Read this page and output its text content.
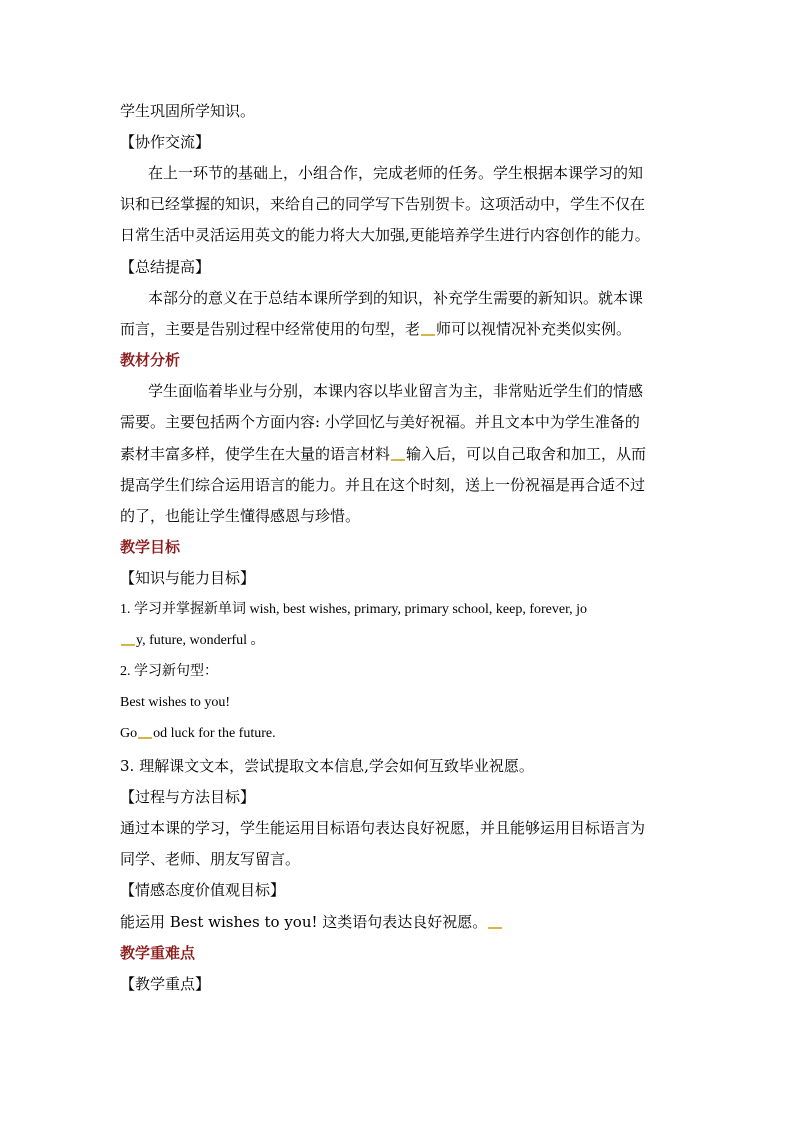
学生巩固所学知识。
【协作交流】
在上一环节的基础上，小组合作，完成老师的任务。学生根据本课学习的知
识和已经掌握的知识，来给自己的同学写下告别贺卡。这项活动中，学生不仅在
日常生活中灵活运用英文的能力将大大加强,更能培养学生进行内容创作的能力。
【总结提高】
本部分的意义在于总结本课所学到的知识，补充学生需要的新知识。就本课
而言，主要是告别过程中经常使用的句型，老 师可以视情况补充类似实例。
教材分析
学生面临着毕业与分别，本课内容以毕业留言为主，非常贴近学生们的情感
需要。主要包括两个方面内容: 小学回忆与美好祝福。并且文本中为学生准备的
素材丰富多样，使学生在大量的语言材料 输入后，可以自己取舍和加工，从而
提高学生们综合运用语言的能力。并且在这个时刻，送上一份祝福是再合适不过
的了，也能让学生懂得感恩与珍惜。
教学目标
【知识与能力目标】
1. 学习并掌握新单词 wish, best wishes, primary, primary school, keep, forever, jo
y, future, wonderful 。
2. 学习新句型：
Best wishes to you!
Go od luck for the future.
3. 理解课文文本，尝试提取文本信息,学会如何互致毕业祝愿。
【过程与方法目标】
通过本课的学习，学生能运用目标语句表达良好祝愿，并且能够运用目标语言为
同学、老师、朋友写留言。
【情感态度价值观目标】
能运用 Best wishes to you! 这类语句表达良好祝愿。
教学重难点
【教学重点】
